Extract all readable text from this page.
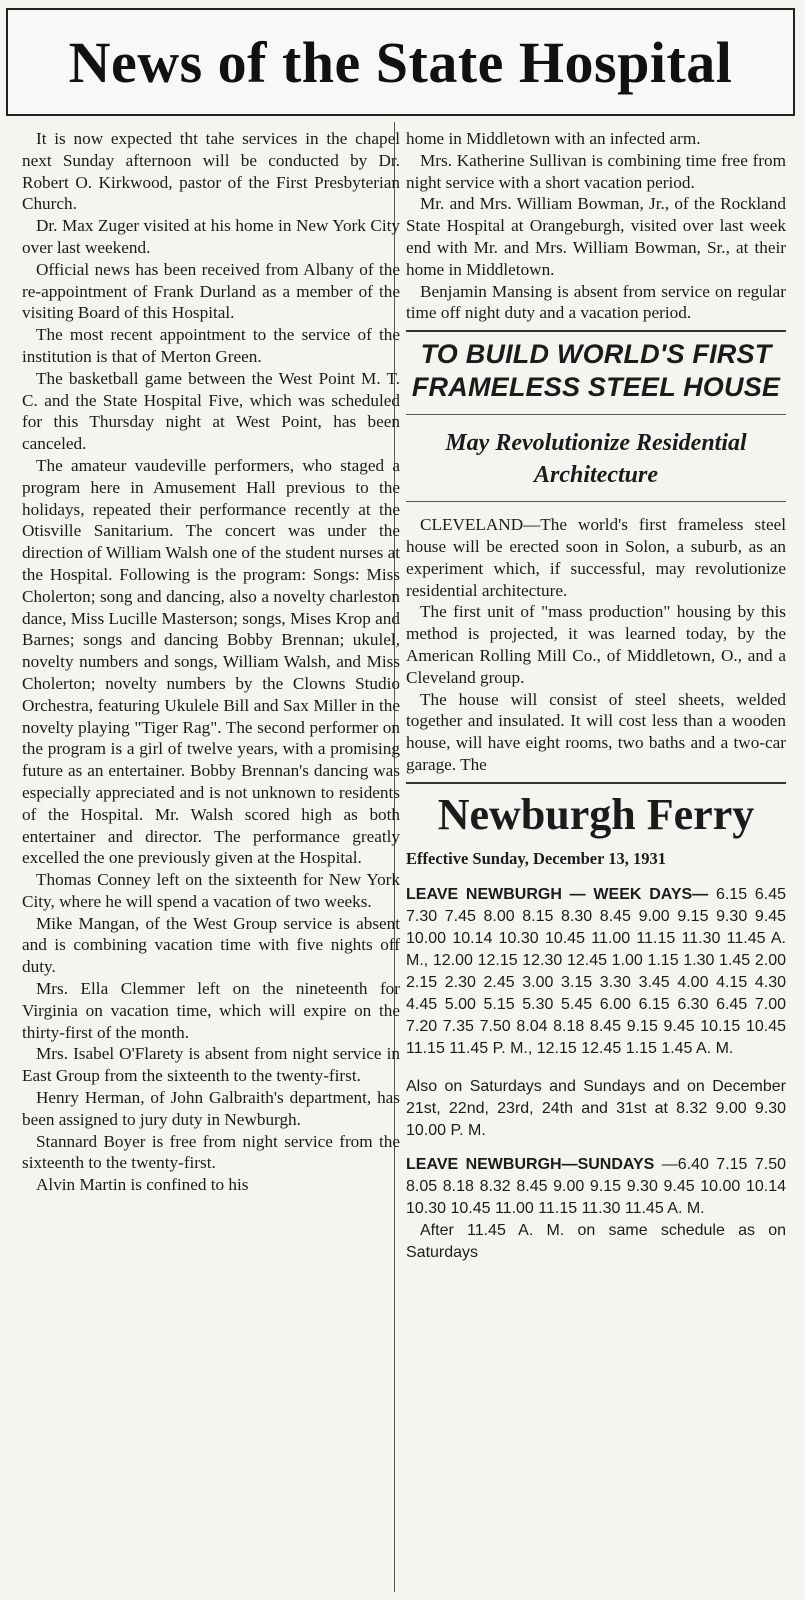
News of the State Hospital

It is now expected tht tahe services in the chapel next Sunday afternoon will be conducted by Dr. Robert O. Kirkwood, pastor of the First Presbyterian Church.

Dr. Max Zuger visited at his home in New York City over last weekend.

Official news has been received from Albany of the re-appointment of Frank Durland as a member of the visiting Board of this Hospital.

The most recent appointment to the service of the institution is that of Merton Green.

The basketball game between the West Point M. T. C. and the State Hospital Five, which was scheduled for this Thursday night at West Point, has been canceled.

The amateur vaudeville performers, who staged a program here in Amusement Hall previous to the holidays, repeated their performance recently at the Otisville Sanitarium. The concert was under the direction of William Walsh one of the student nurses at the Hospital. Following is the program: Songs: Miss Cholerton; song and dancing, also a novelty charleston dance, Miss Lucille Masterson; songs, Mises Krop and Barnes; songs and dancing Bobby Brennan; ukulel, novelty numbers and songs, William Walsh, and Miss Cholerton; novelty numbers by the Clowns Studio Orchestra, featuring Ukulele Bill and Sax Miller in the novelty playing "Tiger Rag". The second performer on the program is a girl of twelve years, with a promising future as an entertainer. Bobby Brennan's dancing was especially appreciated and is not unknown to residents of the Hospital. Mr. Walsh scored high as both entertainer and director. The performance greatly excelled the one previously given at the Hospital.

Thomas Conney left on the sixteenth for New York City, where he will spend a vacation of two weeks.

Mike Mangan, of the West Group service is absent and is combining vacation time with five nights off duty.

Mrs. Ella Clemmer left on the nineteenth for Virginia on vacation time, which will expire on the thirty-first of the month.

Mrs. Isabel O'Flarety is absent from night service in East Group from the sixteenth to the twenty-first.

Henry Herman, of John Galbraith's department, has been assigned to jury duty in Newburgh.

Stannard Boyer is free from night service from the sixteenth to the twenty-first.

Alvin Martin is confined to his

home in Middletown with an infected arm.

Mrs. Katherine Sullivan is combining time free from night service with a short vacation period.

Mr. and Mrs. William Bowman, Jr., of the Rockland State Hospital at Orangeburgh, visited over last week end with Mr. and Mrs. William Bowman, Sr., at their home in Middletown.

Benjamin Mansing is absent from service on regular time off night duty and a vacation period.

TO BUILD WORLD'S FIRST FRAMELESS STEEL HOUSE
May Revolutionize Residential Architecture

CLEVELAND—The world's first frameless steel house will be erected soon in Solon, a suburb, as an experiment which, if successful, may revolutionize residential architecture.

The first unit of "mass production" housing by this method is projected, it was learned today, by the American Rolling Mill Co., of Middletown, O., and a Cleveland group.

The house will consist of steel sheets, welded together and insulated. It will cost less than a wooden house, will have eight rooms, two baths and a two-car garage. The

Newburgh Ferry
Effective Sunday, December 13, 1931
LEAVE NEWBURGH — WEEK DAYS— 6.15 6.45 7.30 7.45 8.00 8.15 8.30 8.45 9.00 9.15 9.30 9.45 10.00 10.14 10.30 10.45 11.00 11.15 11.30 11.45 A. M., 12.00 12.15 12.30 12.45 1.00 1.15 1.30 1.45 2.00 2.15 2.30 2.45 3.00 3.15 3.30 3.45 4.00 4.15 4.30 4.45 5.00 5.15 5.30 5.45 6.00 6.15 6.30 6.45 7.00 7.20 7.35 7.50 8.04 8.18 8.45 9.15 9.45 10.15 10.45 11.15 11.45 P. M., 12.15 12.45 1.15 1.45 A. M.
Also on Saturdays and Sundays and on December 21st, 22nd, 23rd, 24th and 31st at 8.32 9.00 9.30 10.00 P. M.
LEAVE NEWBURGH—SUNDAYS —6.40 7.15 7.50 8.05 8.18 8.32 8.45 9.00 9.15 9.30 9.45 10.00 10.14 10.30 10.45 11.00 11.15 11.30 11.45 A. M.
After 11.45 A. M. on same schedule as on Saturdays
